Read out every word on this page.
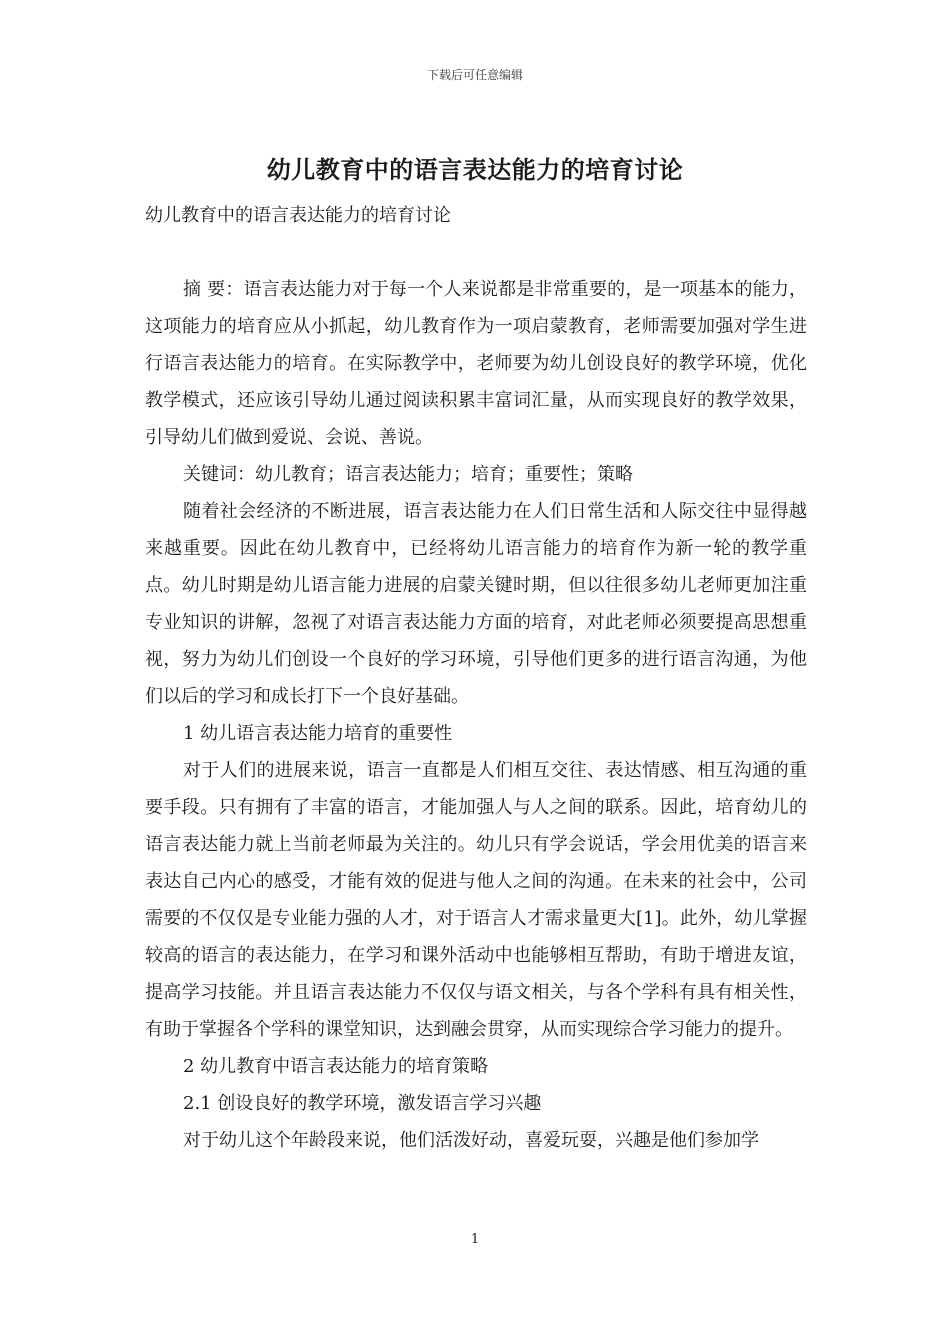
下载后可任意编辑
幼儿教育中的语言表达能力的培育讨论

幼儿教育中的语言表达能力的培育讨论

摘 要：语言表达能力对于每一个人来说都是非常重要的，是一项基本的能力，这项能力的培育应从小抓起，幼儿教育作为一项启蒙教育，老师需要加强对学生进行语言表达能力的培育。在实际教学中，老师要为幼儿创设良好的教学环境，优化教学模式，还应该引导幼儿通过阅读积累丰富词汇量，从而实现良好的教学效果，引导幼儿们做到爱说、会说、善说。

关键词：幼儿教育；语言表达能力；培育；重要性；策略

随着社会经济的不断进展，语言表达能力在人们日常生活和人际交往中显得越来越重要。因此在幼儿教育中，已经将幼儿语言能力的培育作为新一轮的教学重点。幼儿时期是幼儿语言能力进展的启蒙关键时期，但以往很多幼儿老师更加注重专业知识的讲解，忽视了对语言表达能力方面的培育，对此老师必须要提高思想重视，努力为幼儿们创设一个良好的学习环境，引导他们更多的进行语言沟通，为他们以后的学习和成长打下一个良好基础。

1 幼儿语言表达能力培育的重要性

对于人们的进展来说，语言一直都是人们相互交往、表达情感、相互沟通的重要手段。只有拥有了丰富的语言，才能加强人与人之间的联系。因此，培育幼儿的语言表达能力就上当前老师最为关注的。幼儿只有学会说话，学会用优美的语言来表达自己内心的感受，才能有效的促进与他人之间的沟通。在未来的社会中，公司需要的不仅仅是专业能力强的人才，对于语言人才需求量更大[1]。此外，幼儿掌握较高的语言的表达能力，在学习和课外活动中也能够相互帮助，有助于增进友谊，提高学习技能。并且语言表达能力不仅仅与语文相关，与各个学科有具有相关性，有助于掌握各个学科的课堂知识，达到融会贯穿，从而实现综合学习能力的提升。

2 幼儿教育中语言表达能力的培育策略

2.1 创设良好的教学环境，激发语言学习兴趣

对于幼儿这个年龄段来说，他们活泼好动，喜爱玩耍，兴趣是他们参加学

1
